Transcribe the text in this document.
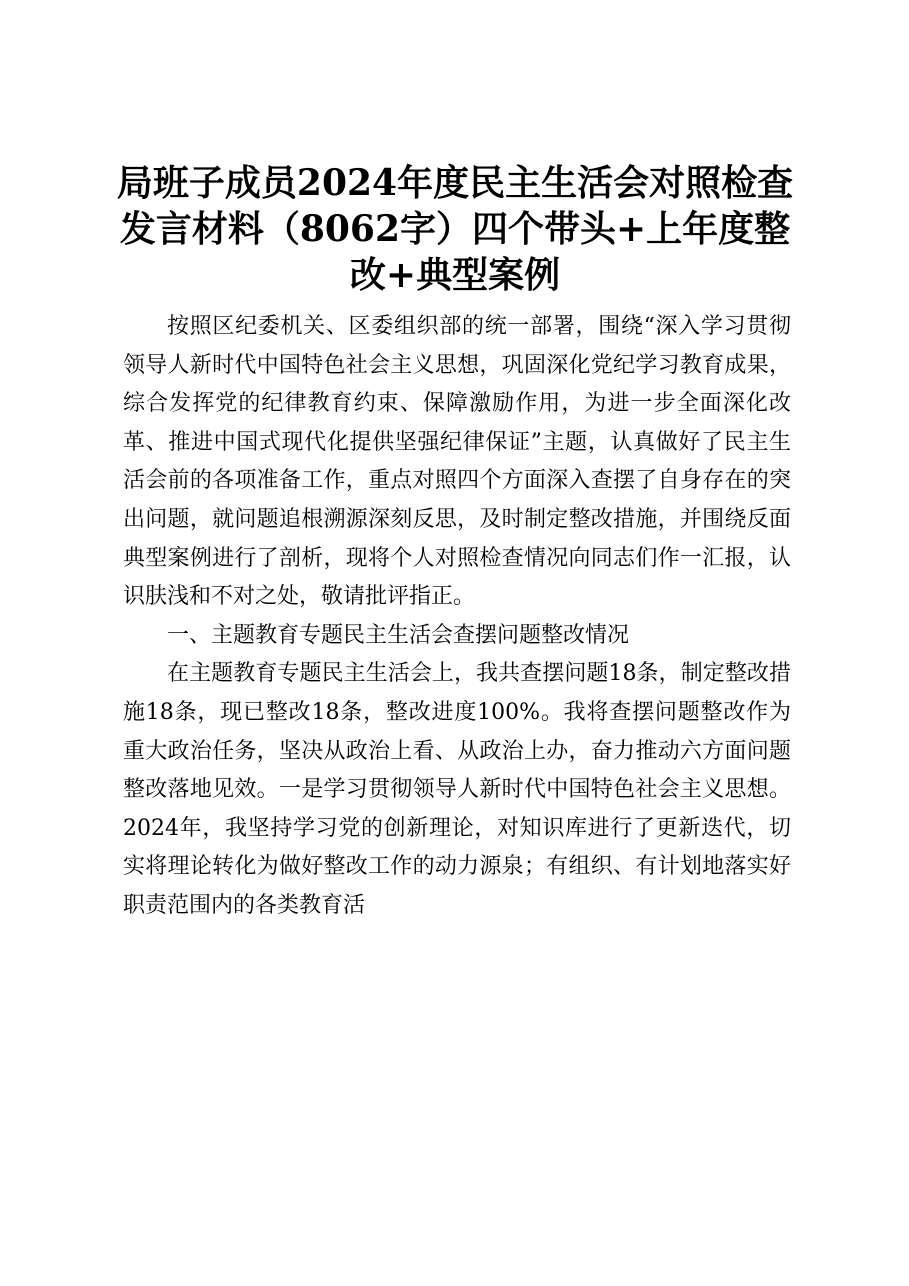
局班子成员2024年度民主生活会对照检查发言材料（8062字）四个带头+上年度整改+典型案例

按照区纪委机关、区委组织部的统一部署，围绕“深入学习贯彻领导人新时代中国特色社会主义思想，巩固深化党纪学习教育成果，综合发挥党的纪律教育约束、保障激励作用，为进一步全面深化改革、推进中国式现代化提供坚强纪律保证”主题，认真做好了民主生活会前的各项准备工作，重点对照四个方面深入查摆了自身存在的突出问题，就问题追根溯源深刻反思，及时制定整改措施，并围绕反面典型案例进行了剖析，现将个人对照检查情况向同志们作一汇报，认识肤浅和不对之处，敬请批评指正。

一、主题教育专题民主生活会查摆问题整改情况

在主题教育专题民主生活会上，我共查摆问题18条，制定整改措施18条，现已整改18条，整改进度100%。我将查摆问题整改作为重大政治任务，坚决从政治上看、从政治上办，奋力推动六方面问题整改落地见效。一是学习贯彻领导人新时代中国特色社会主义思想。2024年，我坚持学习党的创新理论，对知识库进行了更新迭代，切实将理论转化为做好整改工作的动力源泉；有组织、有计划地落实好职责范围内的各类教育活
